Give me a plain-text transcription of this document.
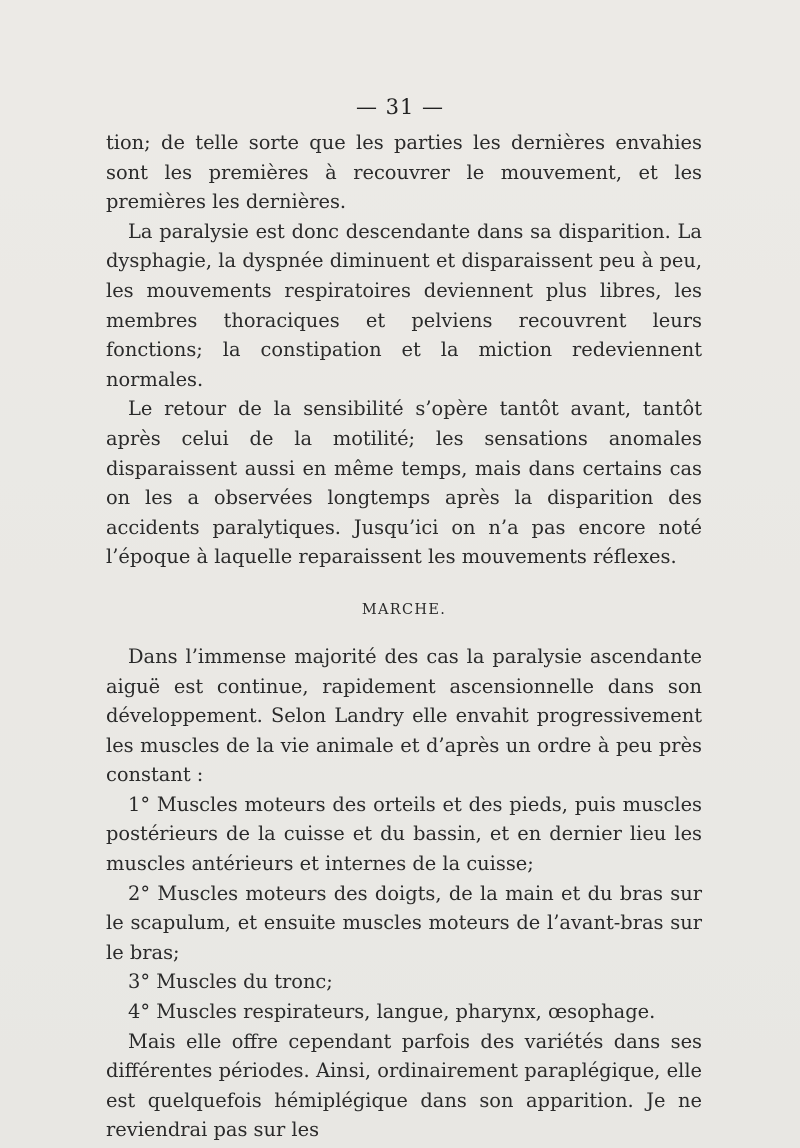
— 31 —

tion; de telle sorte que les parties les dernières envahies sont les premières à recouvrer le mouvement, et les premières les dernières.

La paralysie est donc descendante dans sa disparition. La dysphagie, la dyspnée diminuent et disparaissent peu à peu, les mouvements respiratoires deviennent plus libres, les membres thoraciques et pelviens recouvrent leurs fonctions; la constipation et la miction redeviennent normales.

Le retour de la sensibilité s’opère tantôt avant, tantôt après celui de la motilité; les sensations anomales disparaissent aussi en même temps, mais dans certains cas on les a observées longtemps après la disparition des accidents paralytiques. Jusqu’ici on n’a pas encore noté l’époque à laquelle reparaissent les mouvements réflexes.

MARCHE.

Dans l’immense majorité des cas la paralysie ascendante aiguë est continue, rapidement ascensionnelle dans son développement. Selon Landry elle envahit progressivement les muscles de la vie animale et d’après un ordre à peu près constant :

1° Muscles moteurs des orteils et des pieds, puis muscles postérieurs de la cuisse et du bassin, et en dernier lieu les muscles antérieurs et internes de la cuisse;

2° Muscles moteurs des doigts, de la main et du bras sur le scapulum, et ensuite muscles moteurs de l’avant-bras sur le bras;

3° Muscles du tronc;

4° Muscles respirateurs, langue, pharynx, œsophage.

Mais elle offre cependant parfois des variétés dans ses différentes périodes. Ainsi, ordinairement paraplégique, elle est quelquefois hémiplégique dans son apparition. Je ne reviendrai pas sur les
